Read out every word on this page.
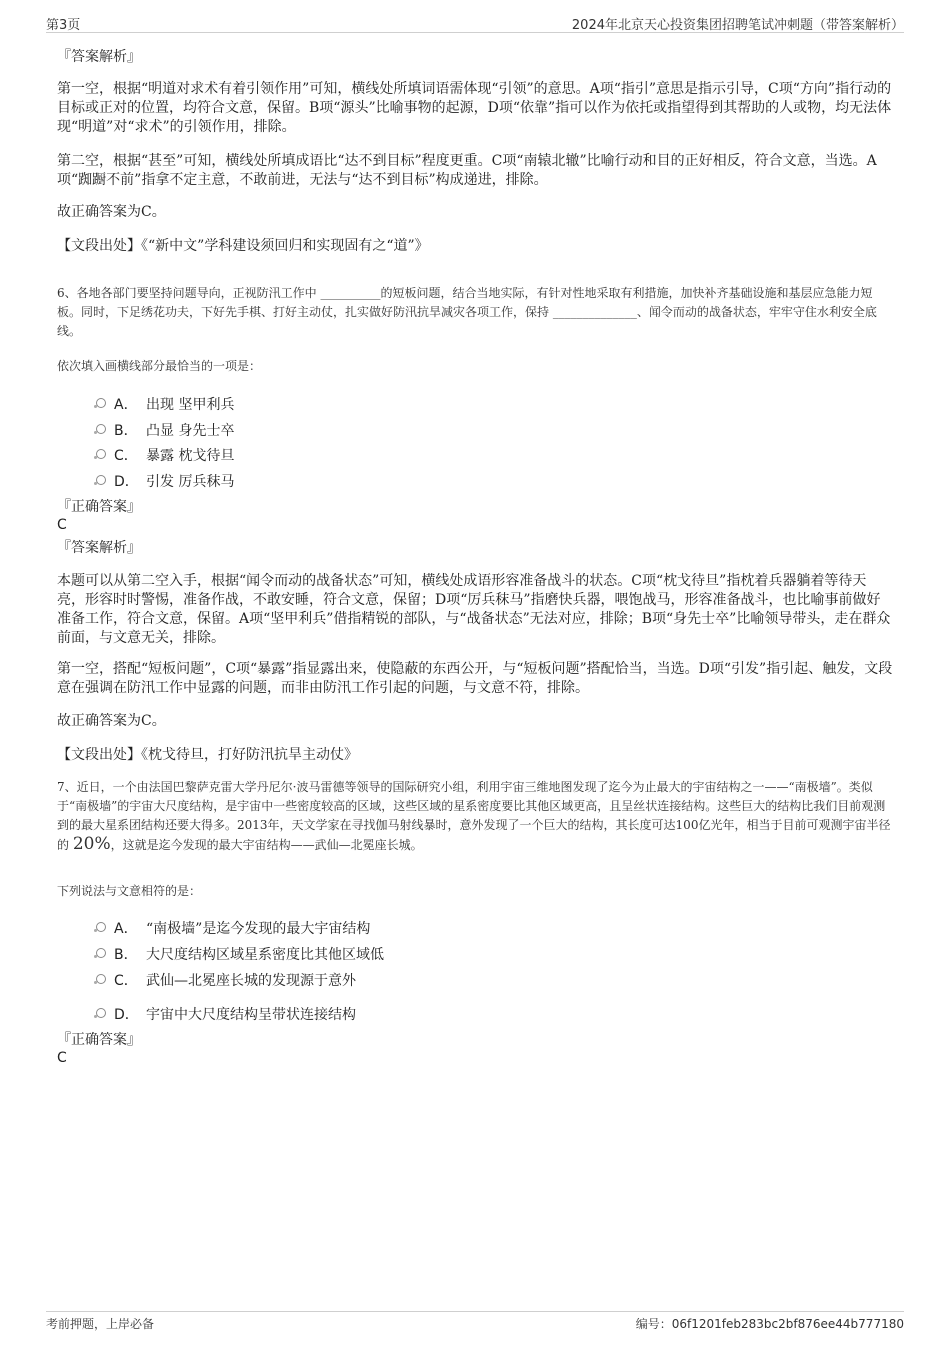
第3页	2024年北京天心投资集团招聘笔试冲刺题（带答案解析）

『答案解析』

第一空，根据“明道对求术有着引领作用”可知，横线处所填词语需体现“引领”的意思。A项“指引”意思是指示引导，C项“方向”指行动的目标或正对的位置，均符合文意，保留。B项“源头”比喻事物的起源，D项“依靠”指可以作为依托或指望得到其帮助的人或物，均无法体现“明道”对“求术”的引领作用，排除。

第二空，根据“甚至”可知，横线处所填成语比“达不到目标”程度更重。C项“南辕北辙”比喻行动和目的正好相反，符合文意，当选。A项“踟蹰不前”指拿不定主意，不敢前进，无法与“达不到目标”构成递进，排除。

故正确答案为C。

【文段出处】《“新中文”学科建设须回归和实现固有之“道”》

6、各地各部门要坚持问题导向，正视防汛工作中 __________的短板问题，结合当地实际，有针对性地采取有利措施，加快补齐基础设施和基层应急能力短板。同时，下足绣花功夫，下好先手棋、打好主动仗，扎实做好防汛抗旱减灾各项工作，保持 ______________、闻令而动的战备状态，牢牢守住水利安全底线。

依次填入画横线部分最恰当的一项是：

A． 出现 坚甲利兵
B． 凸显 身先士卒
C． 暴露 枕戈待旦
D． 引发 厉兵秣马

『正确答案』

C

『答案解析』

本题可以从第二空入手，根据“闻令而动的战备状态”可知，横线处成语形容准备战斗的状态。C项“枕戈待旦”指枕着兵器躺着等待天亮，形容时时警惕，准备作战，不敢安睡，符合文意，保留；D项“厉兵秣马”指磨快兵器，喂饱战马，形容准备战斗，也比喻事前做好准备工作，符合文意，保留。A项“坚甲利兵”借指精锐的部队，与“战备状态”无法对应，排除；B项“身先士卒”比喻领导带头，走在群众前面，与文意无关，排除。

第一空，搭配“短板问题”，C项“暴露”指显露出来，使隐蔽的东西公开，与“短板问题”搭配恰当，当选。D项“引发”指引起、触发，文段意在强调在防汛工作中显露的问题，而非由防汛工作引起的问题，与文意不符，排除。

故正确答案为C。

【文段出处】《枕戈待旦，打好防汛抗旱主动仗》

7、近日，一个由法国巴黎萨克雷大学丹尼尔·波马雷德等领导的国际研究小组，利用宇宙三维地图发现了迄今为止最大的宇宙结构之一——“南极墙”。类似于“南极墙”的宇宙大尺度结构，是宇宙中一些密度较高的区域，这些区域的星系密度要比其他区域更高，且呈丝状连接结构。这些巨大的结构比我们目前观测到的最大星系团结构还要大得多。2013年，天文学家在寻找伽马射线暴时，意外发现了一个巨大的结构，其长度可达100亿光年，相当于目前可观测宇宙半径的 20%，这就是迄今发现的最大宇宙结构——武仙—北冕座长城。

下列说法与文意相符的是：

A． “南极墙”是迄今发现的最大宇宙结构
B． 大尺度结构区域星系密度比其他区域低
C． 武仙—北冕座长城的发现源于意外
D． 宇宙中大尺度结构呈带状连接结构

『正确答案』

C
考前押题，上岸必备	编号：06f1201feb283bc2bf876ee44b777180
